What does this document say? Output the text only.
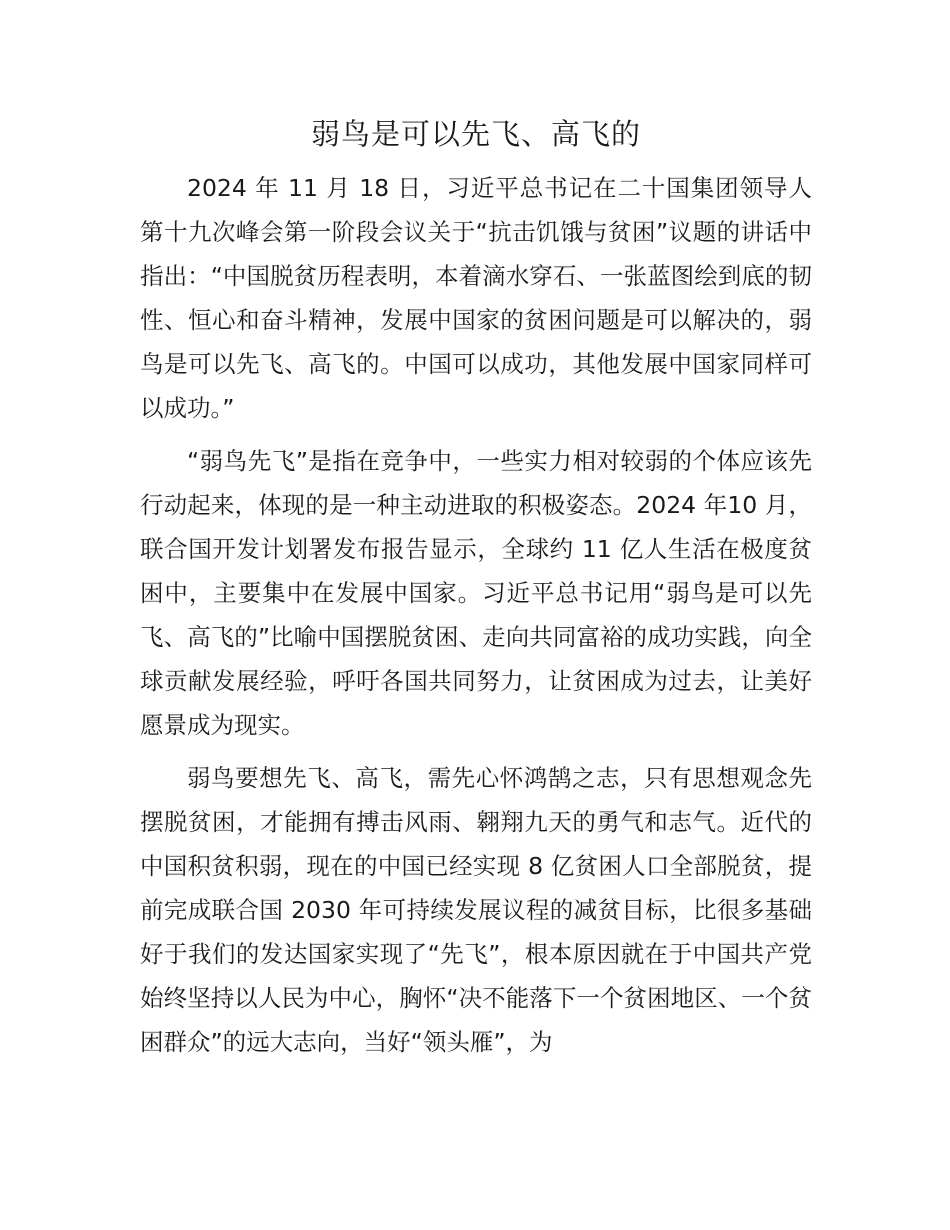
弱鸟是可以先飞、高飞的

2024 年 11 月 18 日，习近平总书记在二十国集团领导人第十九次峰会第一阶段会议关于“抗击饥饿与贫困”议题的讲话中指出：“中国脱贫历程表明，本着滴水穿石、一张蓝图绘到底的韧性、恒心和奋斗精神，发展中国家的贫困问题是可以解决的，弱鸟是可以先飞、高飞的。中国可以成功，其他发展中国家同样可以成功。”

“弱鸟先飞”是指在竞争中，一些实力相对较弱的个体应该先行动起来，体现的是一种主动进取的积极姿态。2024 年10 月，联合国开发计划署发布报告显示，全球约 11 亿人生活在极度贫困中，主要集中在发展中国家。习近平总书记用“弱鸟是可以先飞、高飞的”比喻中国摆脱贫困、走向共同富裕的成功实践，向全球贡献发展经验，呼吁各国共同努力，让贫困成为过去，让美好愿景成为现实。

弱鸟要想先飞、高飞，需先心怀鸿鹄之志，只有思想观念先摆脱贫困，才能拥有搏击风雨、翱翔九天的勇气和志气。近代的中国积贫积弱，现在的中国已经实现 8 亿贫困人口全部脱贫，提前完成联合国 2030 年可持续发展议程的减贫目标，比很多基础好于我们的发达国家实现了“先飞”，根本原因就在于中国共产党始终坚持以人民为中心，胸怀“决不能落下一个贫困地区、一个贫困群众”的远大志向，当好“领头雁”，为
